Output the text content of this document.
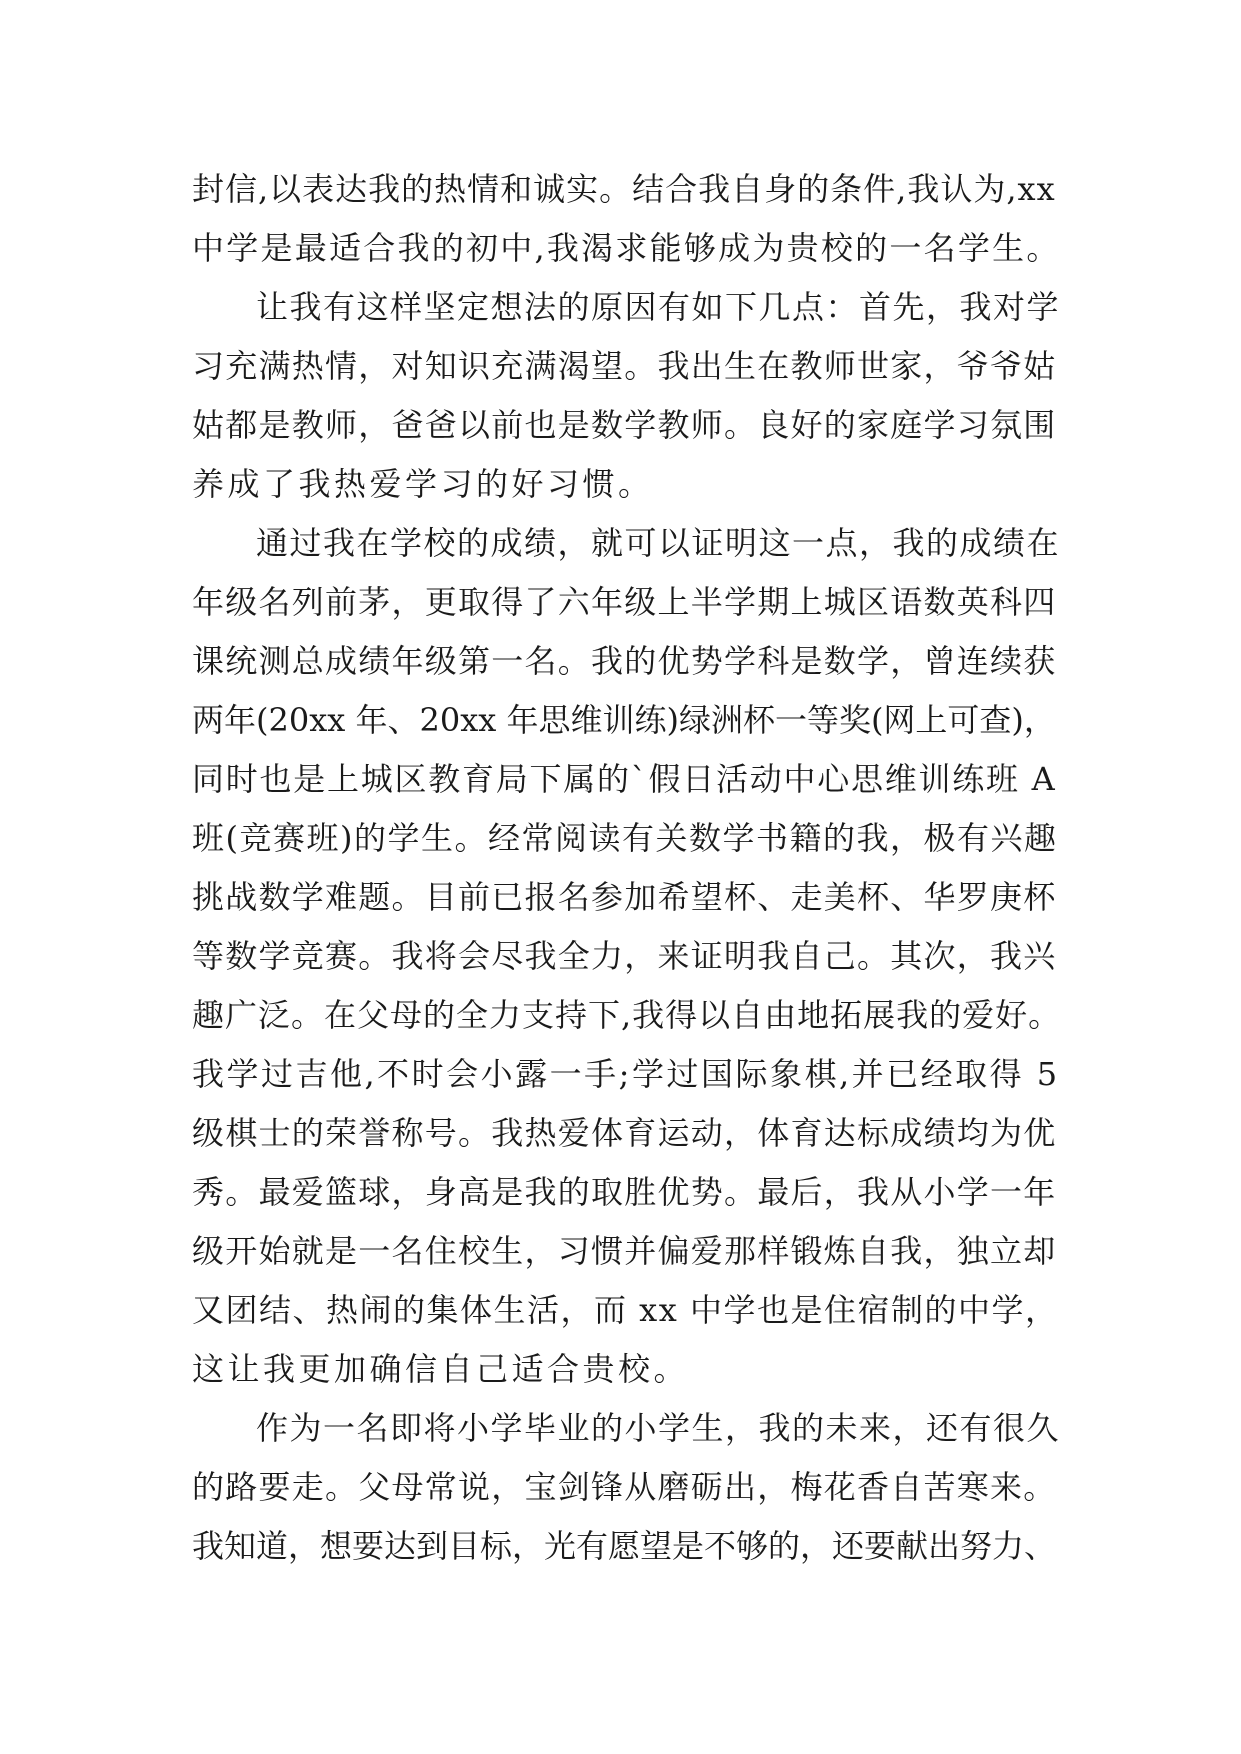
封信,以表达我的热情和诚实。结合我自身的条件,我认为,xx
中学是最适合我的初中,我渴求能够成为贵校的一名学生。
让我有这样坚定想法的原因有如下几点：首先，我对学
习充满热情，对知识充满渴望。我出生在教师世家，爷爷姑
姑都是教师，爸爸以前也是数学教师。良好的家庭学习氛围
养成了我热爱学习的好习惯。
通过我在学校的成绩，就可以证明这一点，我的成绩在
年级名列前茅，更取得了六年级上半学期上城区语数英科四
课统测总成绩年级第一名。我的优势学科是数学，曾连续获
两年(20xx 年、20xx 年思维训练)绿洲杯一等奖(网上可查)，
同时也是上城区教育局下属的`假日活动中心思维训练班 A
班(竞赛班)的学生。经常阅读有关数学书籍的我，极有兴趣
挑战数学难题。目前已报名参加希望杯、走美杯、华罗庚杯
等数学竞赛。我将会尽我全力，来证明我自己。其次，我兴
趣广泛。在父母的全力支持下,我得以自由地拓展我的爱好。
我学过吉他,不时会小露一手;学过国际象棋,并已经取得 5
级棋士的荣誉称号。我热爱体育运动，体育达标成绩均为优
秀。最爱篮球，身高是我的取胜优势。最后，我从小学一年
级开始就是一名住校生，习惯并偏爱那样锻炼自我，独立却
又团结、热闹的集体生活，而 xx 中学也是住宿制的中学，
这让我更加确信自己适合贵校。
作为一名即将小学毕业的小学生，我的未来，还有很久
的路要走。父母常说，宝剑锋从磨砺出，梅花香自苦寒来。
我知道，想要达到目标，光有愿望是不够的，还要献出努力、
